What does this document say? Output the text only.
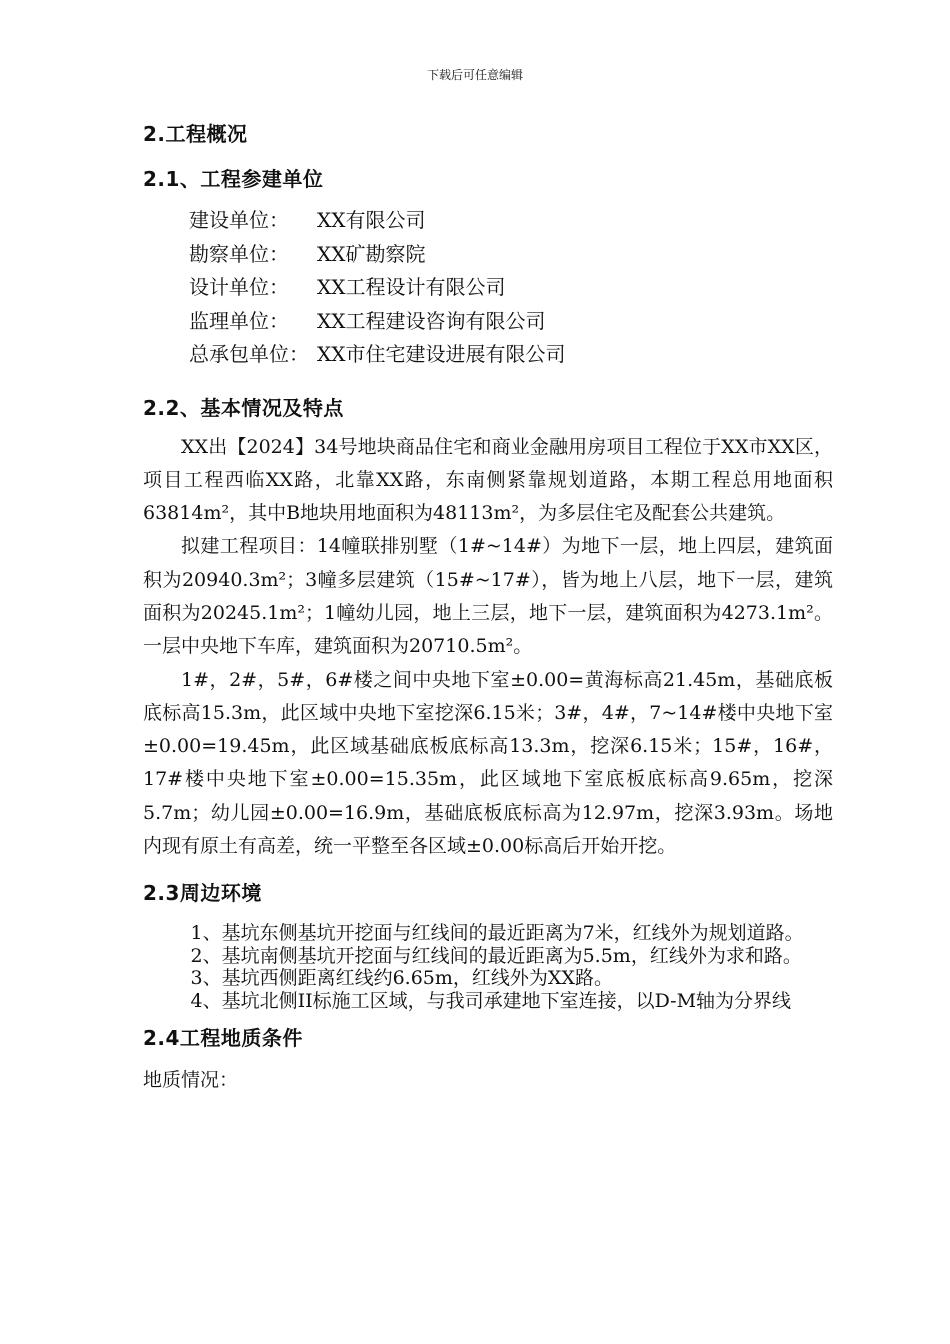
下载后可任意编辑
2.工程概况
2.1、工程参建单位
建设单位：	XX有限公司
勘察单位：	XX矿勘察院
设计单位：	XX工程设计有限公司
监理单位：	XX工程建设咨询有限公司
总承包单位： XX市住宅建设进展有限公司
2.2、基本情况及特点

XX出【2024】34号地块商品住宅和商业金融用房项目工程位于XX市XX区，项目工程西临XX路，北靠XX路，东南侧紧靠规划道路，本期工程总用地面积63814m²，其中B地块用地面积为48113m²，为多层住宅及配套公共建筑。

拟建工程项目：14幢联排别墅（1#~14#）为地下一层，地上四层，建筑面积为20940.3m²；3幢多层建筑（15#~17#），皆为地上八层，地下一层，建筑面积为20245.1m²；1幢幼儿园，地上三层，地下一层，建筑面积为4273.1m²。一层中央地下车库，建筑面积为20710.5m²。

1#，2#，5#，6#楼之间中央地下室±0.00=黄海标高21.45m，基础底板底标高15.3m，此区域中央地下室挖深6.15米；3#，4#，7~14#楼中央地下室±0.00=19.45m，此区域基础底板底标高13.3m，挖深6.15米；15#，16#，17#楼中央地下室±0.00=15.35m，此区域地下室底板底标高9.65m，挖深5.7m；幼儿园±0.00=16.9m，基础底板底标高为12.97m，挖深3.93m。场地内现有原土有高差，统一平整至各区域±0.00标高后开始开挖。

2.3周边环境

1、基坑东侧基坑开挖面与红线间的最近距离为7米，红线外为规划道路。

2、基坑南侧基坑开挖面与红线间的最近距离为5.5m，红线外为求和路。

3、基坑西侧距离红线约6.65m，红线外为XX路。

4、基坑北侧II标施工区域，与我司承建地下室连接，以D-M轴为分界线

2.4工程地质条件

地质情况：
